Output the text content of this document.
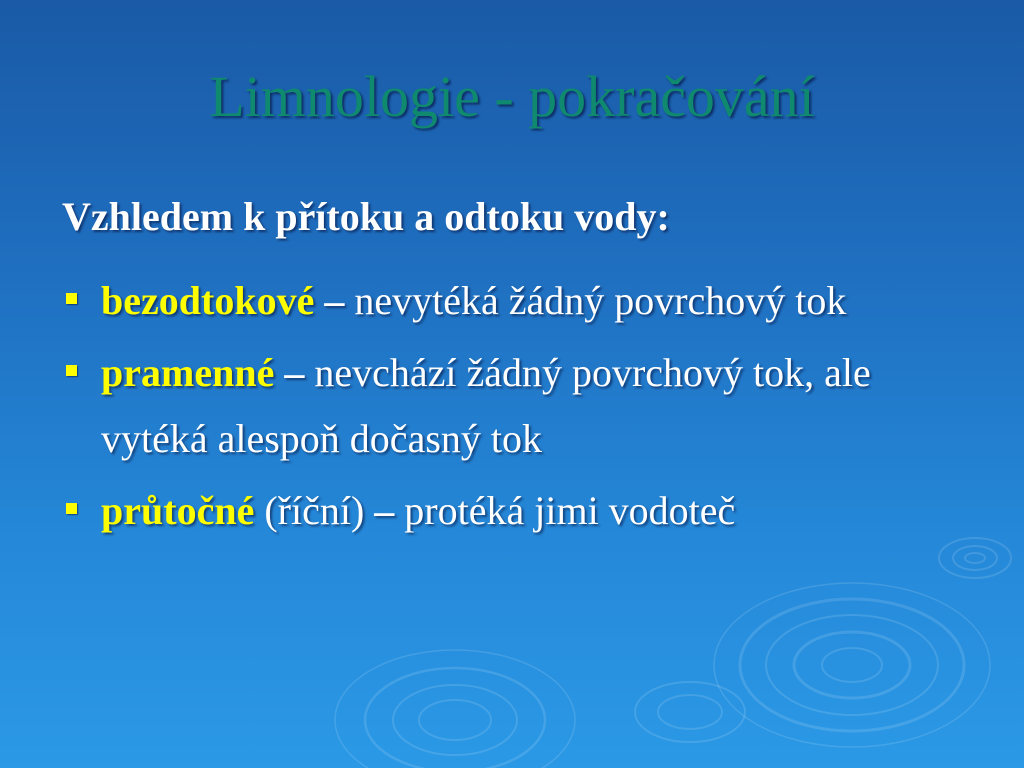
Limnologie - pokračování
Vzhledem k přítoku a odtoku vody:
bezodtokové – nevytéká žádný povrchový tok
pramenné – nevchází žádný povrchový tok, ale vytéká alespoň dočasný tok
průtočné (říční) – protéká jimi vodoteč
